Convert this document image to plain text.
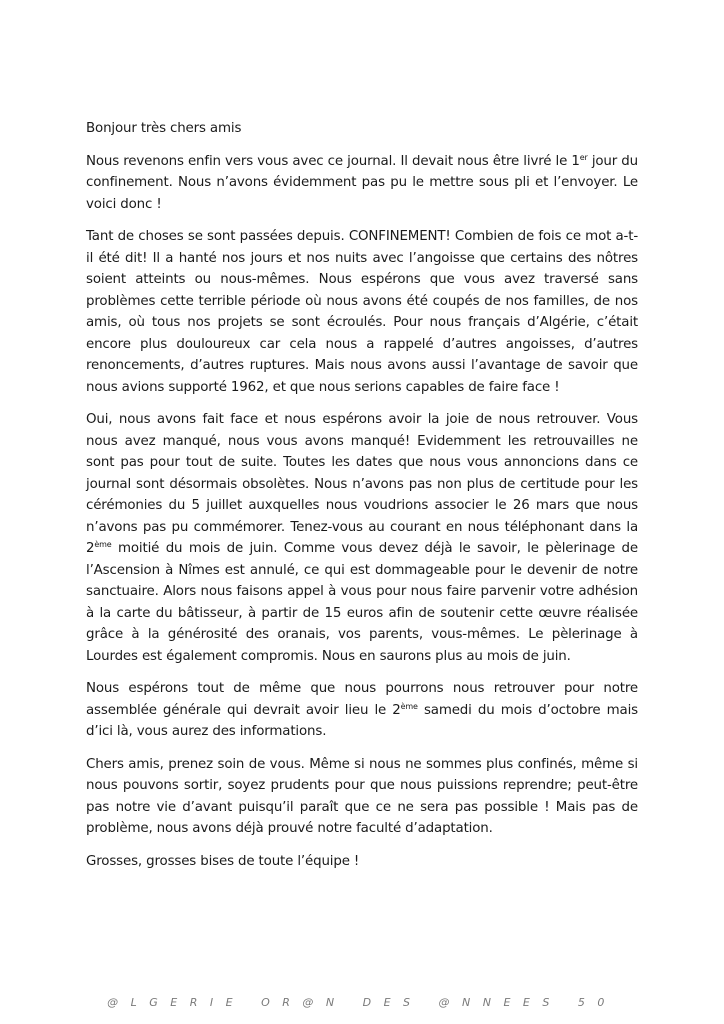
Bonjour très chers amis

Nous revenons enfin vers vous avec ce journal. Il devait nous être livré le 1er jour du confinement. Nous n’avons évidemment pas pu le mettre sous pli et l’envoyer. Le voici donc !

Tant de choses se sont passées depuis. CONFINEMENT! Combien de fois ce mot a-t-il été dit! Il a hanté nos jours et nos nuits avec l’angoisse que certains des nôtres soient atteints ou nous-mêmes. Nous espérons que vous avez traversé sans problèmes cette terrible période où nous avons été coupés de nos familles, de nos amis, où tous nos projets se sont écroulés. Pour nous français d’Algérie, c’était encore plus douloureux car cela nous a rappelé d’autres angoisses, d’autres renoncements, d’autres ruptures. Mais nous avons aussi l’avantage de savoir que nous avions supporté 1962, et que nous serions capables de faire face !

Oui, nous avons fait face et nous espérons avoir la joie de nous retrouver. Vous nous avez manqué, nous vous avons manqué! Evidemment les retrouvailles ne sont pas pour tout de suite. Toutes les dates que nous vous annoncions dans ce journal sont désormais obsolètes. Nous n’avons pas non plus de certitude pour les cérémonies du 5 juillet auxquelles nous voudrions associer le 26 mars que nous n’avons pas pu commémorer. Tenez-vous au courant en nous téléphonant dans la 2ème moitié du mois de juin. Comme vous devez déjà le savoir, le pèlerinage de l’Ascension à Nîmes est annulé, ce qui est dommageable pour le devenir de notre sanctuaire. Alors nous faisons appel à vous pour nous faire parvenir votre adhésion à la carte du bâtisseur, à partir de 15 euros afin de soutenir cette œuvre réalisée grâce à la générosité des oranais, vos parents, vous-mêmes. Le pèlerinage à Lourdes est également compromis. Nous en saurons plus au mois de juin.

Nous espérons tout de même que nous pourrons nous retrouver pour notre assemblée générale qui devrait avoir lieu le 2ème samedi du mois d’octobre mais d’ici là, vous aurez des informations.

Chers amis, prenez soin de vous. Même si nous ne sommes plus confinés, même si nous pouvons sortir, soyez prudents pour que nous puissions reprendre; peut-être pas notre vie d’avant puisqu’il paraît que ce ne sera pas possible ! Mais pas de problème, nous avons déjà prouvé notre faculté d’adaptation.

Grosses, grosses bises de toute l’équipe !

@LGERIE OR@N DES @NNEES 50
